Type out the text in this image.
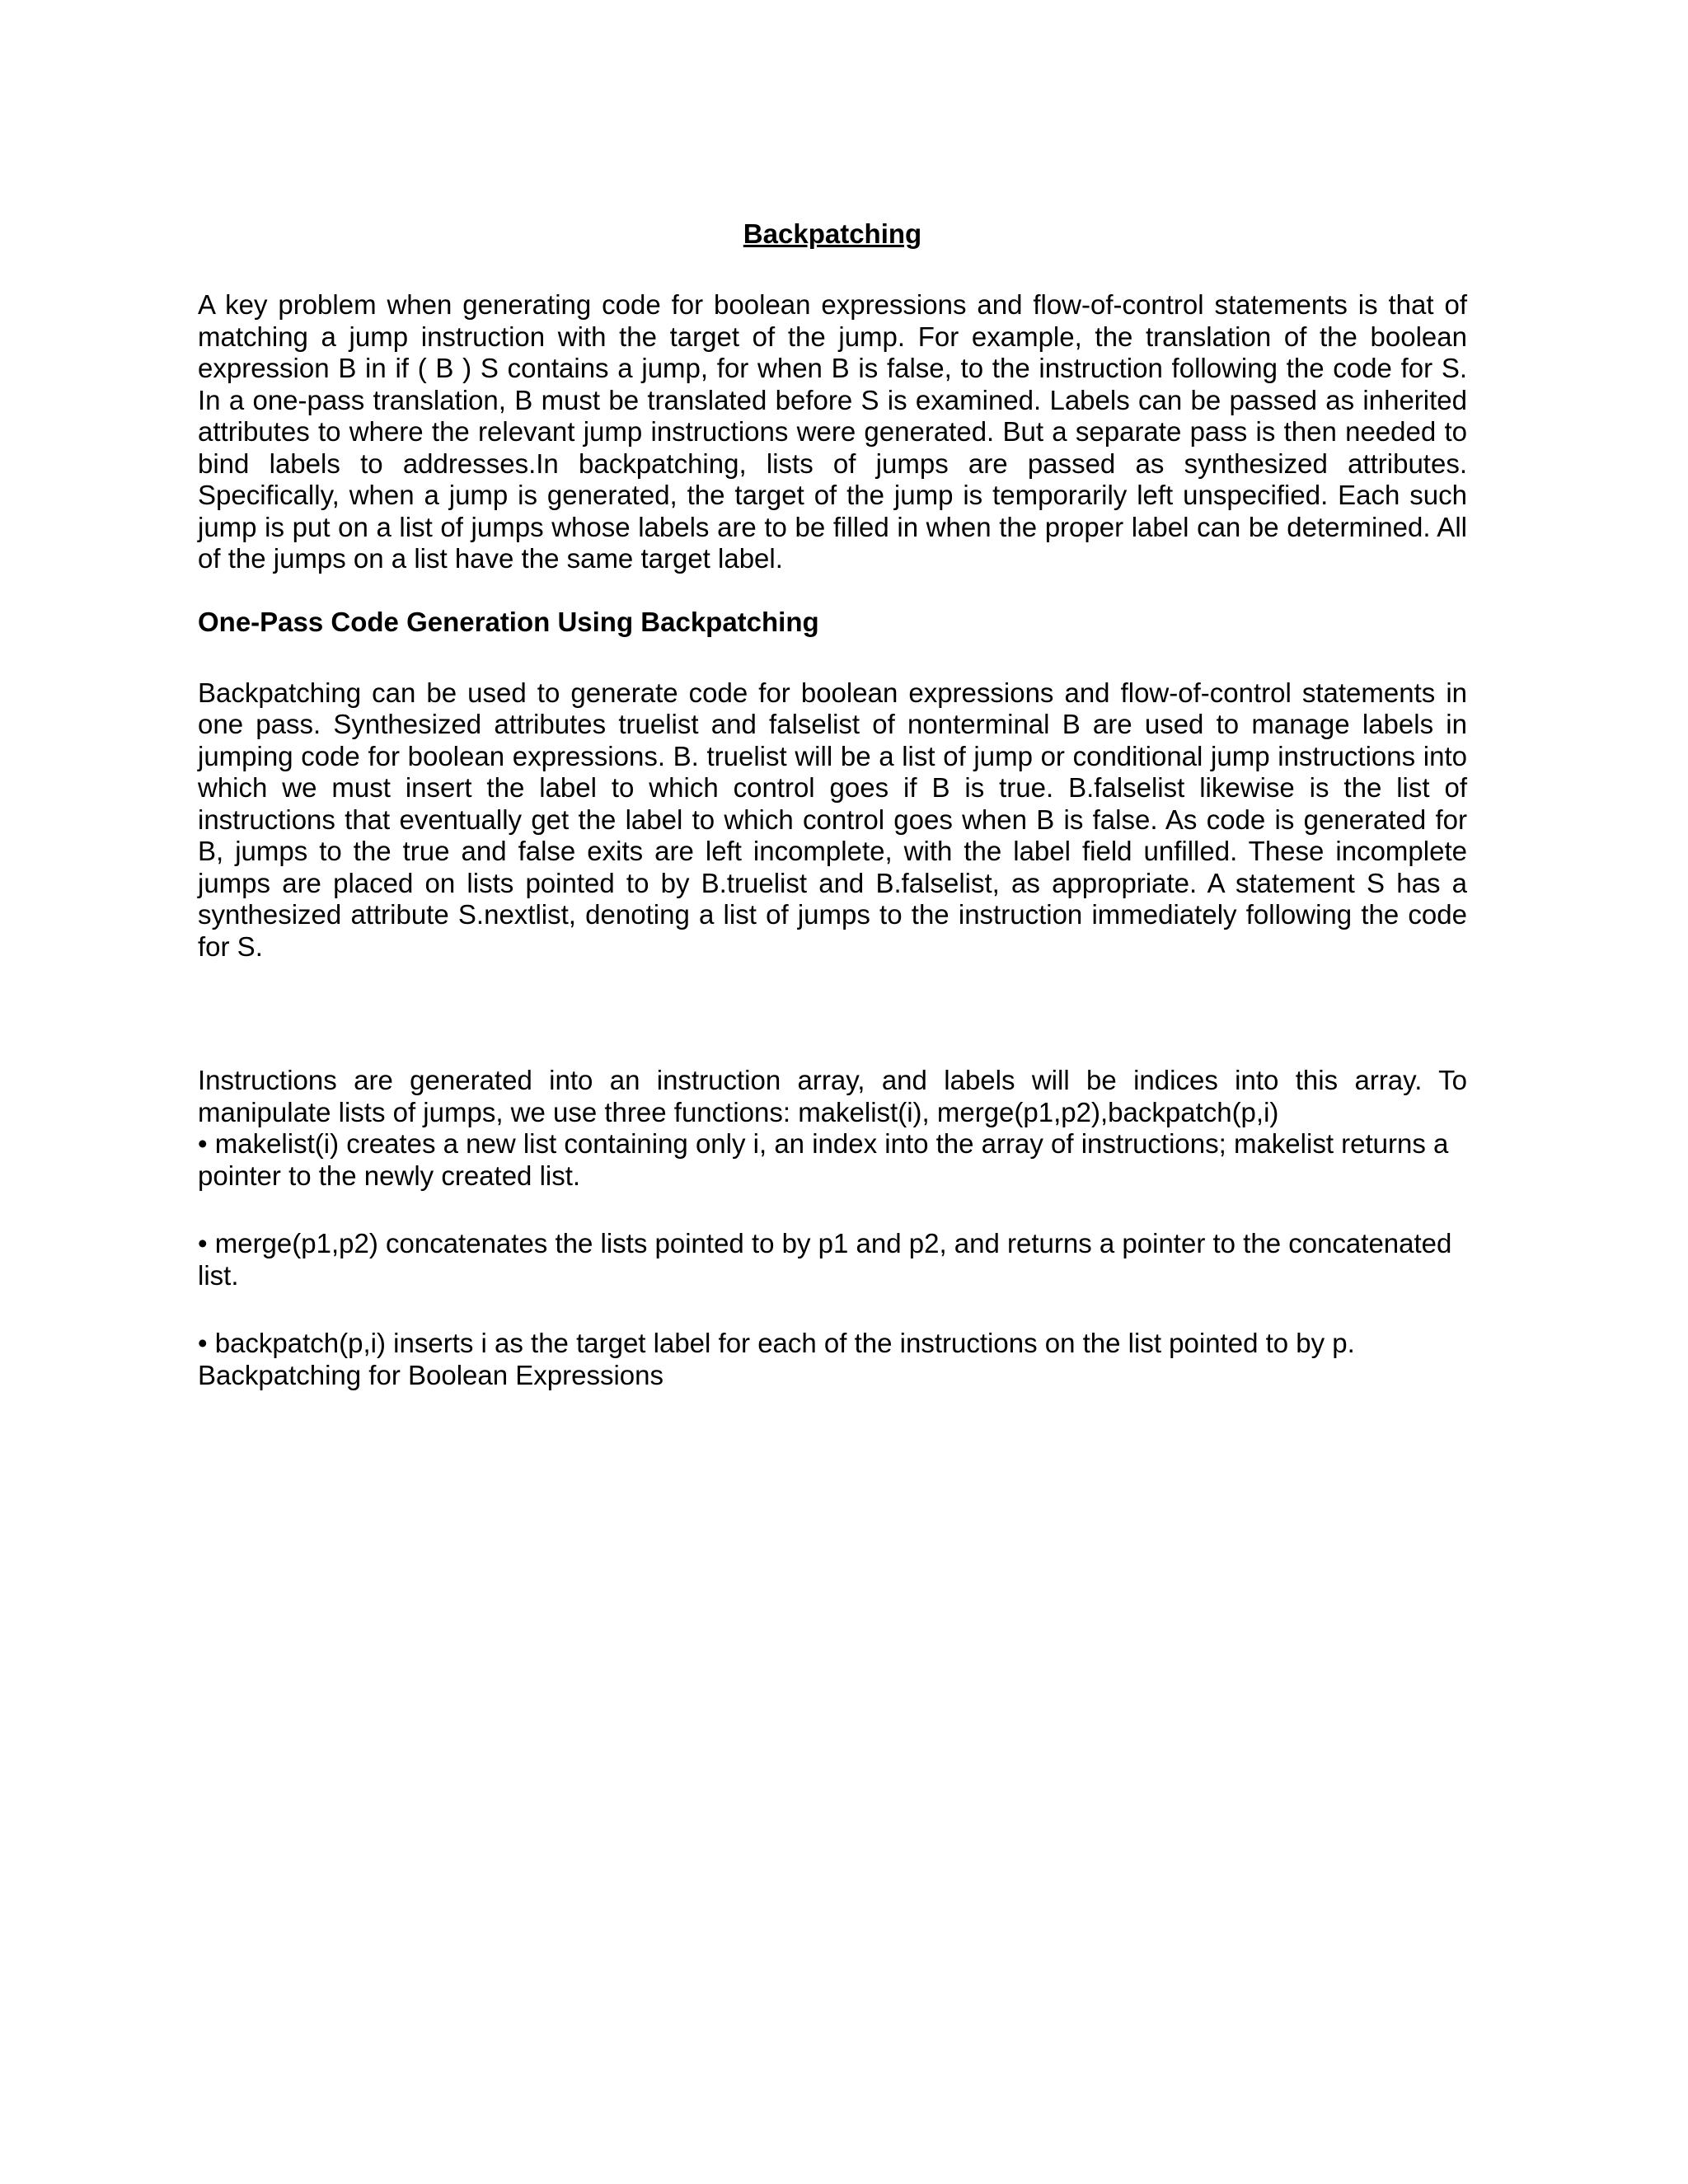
Backpatching

A key problem when generating code for boolean expressions and flow-of-control statements is that of matching a jump instruction with the target of the jump. For example, the translation of the boolean expression B in if ( B ) S contains a jump, for when B is false, to the instruction following the code for S. In a one-pass translation, B must be translated before S is examined. Labels can be passed as inherited attributes to where the relevant jump instructions were generated. But a separate pass is then needed to bind labels to addresses.In backpatching, lists of jumps are passed as synthesized attributes. Specifically, when a jump is generated, the target of the jump is temporarily left unspecified. Each such jump is put on a list of jumps whose labels are to be filled in when the proper label can be determined. All of the jumps on a list have the same target label.

One-Pass Code Generation Using Backpatching

Backpatching can be used to generate code for boolean expressions and flow-of-control statements in one pass. Synthesized attributes truelist and falselist of nonterminal B are used to manage labels in jumping code for boolean expressions. B. truelist will be a list of jump or conditional jump instructions into which we must insert the label to which control goes if B is true. B.falselist likewise is the list of instructions that eventually get the label to which control goes when B is false. As code is generated for B, jumps to the true and false exits are left incomplete, with the label field unfilled. These incomplete jumps are placed on lists pointed to by B.truelist and B.falselist, as appropriate. A statement S has a synthesized attribute S.nextlist, denoting a list of jumps to the instruction immediately following the code for S.

Instructions are generated into an instruction array, and labels will be indices into this array. To manipulate lists of jumps, we use three functions: makelist(i), merge(p1,p2),backpatch(p,i)

• makelist(i) creates a new list containing only i, an index into the array of instructions; makelist returns a pointer to the newly created list.

• merge(p1,p2) concatenates the lists pointed to by p1 and p2, and returns a pointer to the concatenated list.

• backpatch(p,i) inserts i as the target label for each of the instructions on the list pointed to by p.

Backpatching for Boolean Expressions
